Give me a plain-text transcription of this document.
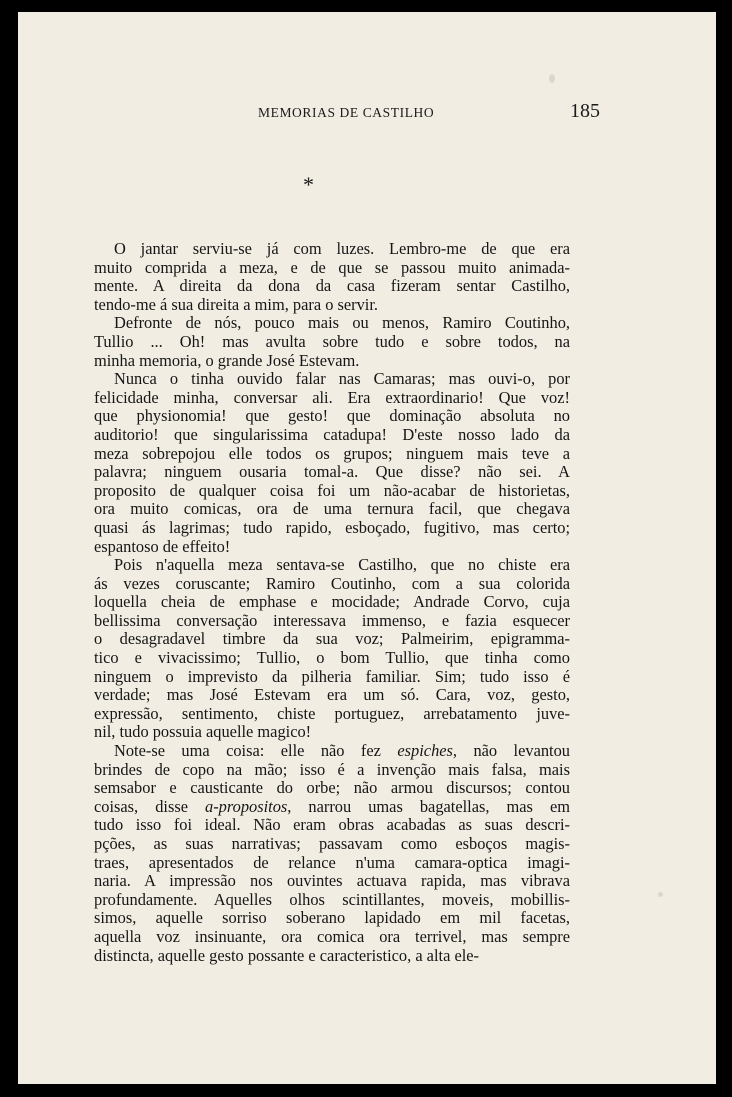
MEMORIAS DE CASTILHO	185
*

O jantar serviu-se já com luzes. Lembro-me de que era
muito comprida a meza, e de que se passou muito animada-
mente. A direita da dona da casa fizeram sentar Castilho,
tendo-me á sua direita a mim, para o servir.

Defronte de nós, pouco mais ou menos, Ramiro Coutinho,
Tullio ... Oh! mas avulta sobre tudo e sobre todos, na
minha memoria, o grande José Estevam.

Nunca o tinha ouvido falar nas Camaras; mas ouvi-o, por
felicidade minha, conversar ali. Era extraordinario! Que voz!
que physionomia! que gesto! que dominação absoluta no
auditorio! que singularissima catadupa! D'este nosso lado da
meza sobrepojou elle todos os grupos; ninguem mais teve a
palavra; ninguem ousaria tomal-a. Que disse? não sei. A
proposito de qualquer coisa foi um não-acabar de historietas,
ora muito comicas, ora de uma ternura facil, que chegava
quasi ás lagrimas; tudo rapido, esboçado, fugitivo, mas certo;
espantoso de effeito!

Pois n'aquella meza sentava-se Castilho, que no chiste era
ás vezes coruscante; Ramiro Coutinho, com a sua colorida
loquella cheia de emphase e mocidade; Andrade Corvo, cuja
bellissima conversação interessava immenso, e fazia esquecer
o desagradavel timbre da sua voz; Palmeirim, epigramma-
tico e vivacissimo; Tullio, o bom Tullio, que tinha como
ninguem o imprevisto da pilheria familiar. Sim; tudo isso é
verdade; mas José Estevam era um só. Cara, voz, gesto,
expressão, sentimento, chiste portuguez, arrebatamento juve-
nil, tudo possuia aquelle magico!

Note-se uma coisa: elle não fez espiches, não levantou
brindes de copo na mão; isso é a invenção mais falsa, mais
semsabor e causticante do orbe; não armou discursos; contou
coisas, disse a-propositos, narrou umas bagatellas, mas em
tudo isso foi ideal. Não eram obras acabadas as suas descri-
pções, as suas narrativas; passavam como esboços magis-
traes, apresentados de relance n'uma camara-optica imagi-
naria. A impressão nos ouvintes actuava rapida, mas vibrava
profundamente. Aquelles olhos scintillantes, moveis, mobillis-
simos, aquelle sorriso soberano lapidado em mil facetas,
aquella voz insinuante, ora comica ora terrivel, mas sempre
distincta, aquelle gesto possante e caracteristico, a alta ele-
